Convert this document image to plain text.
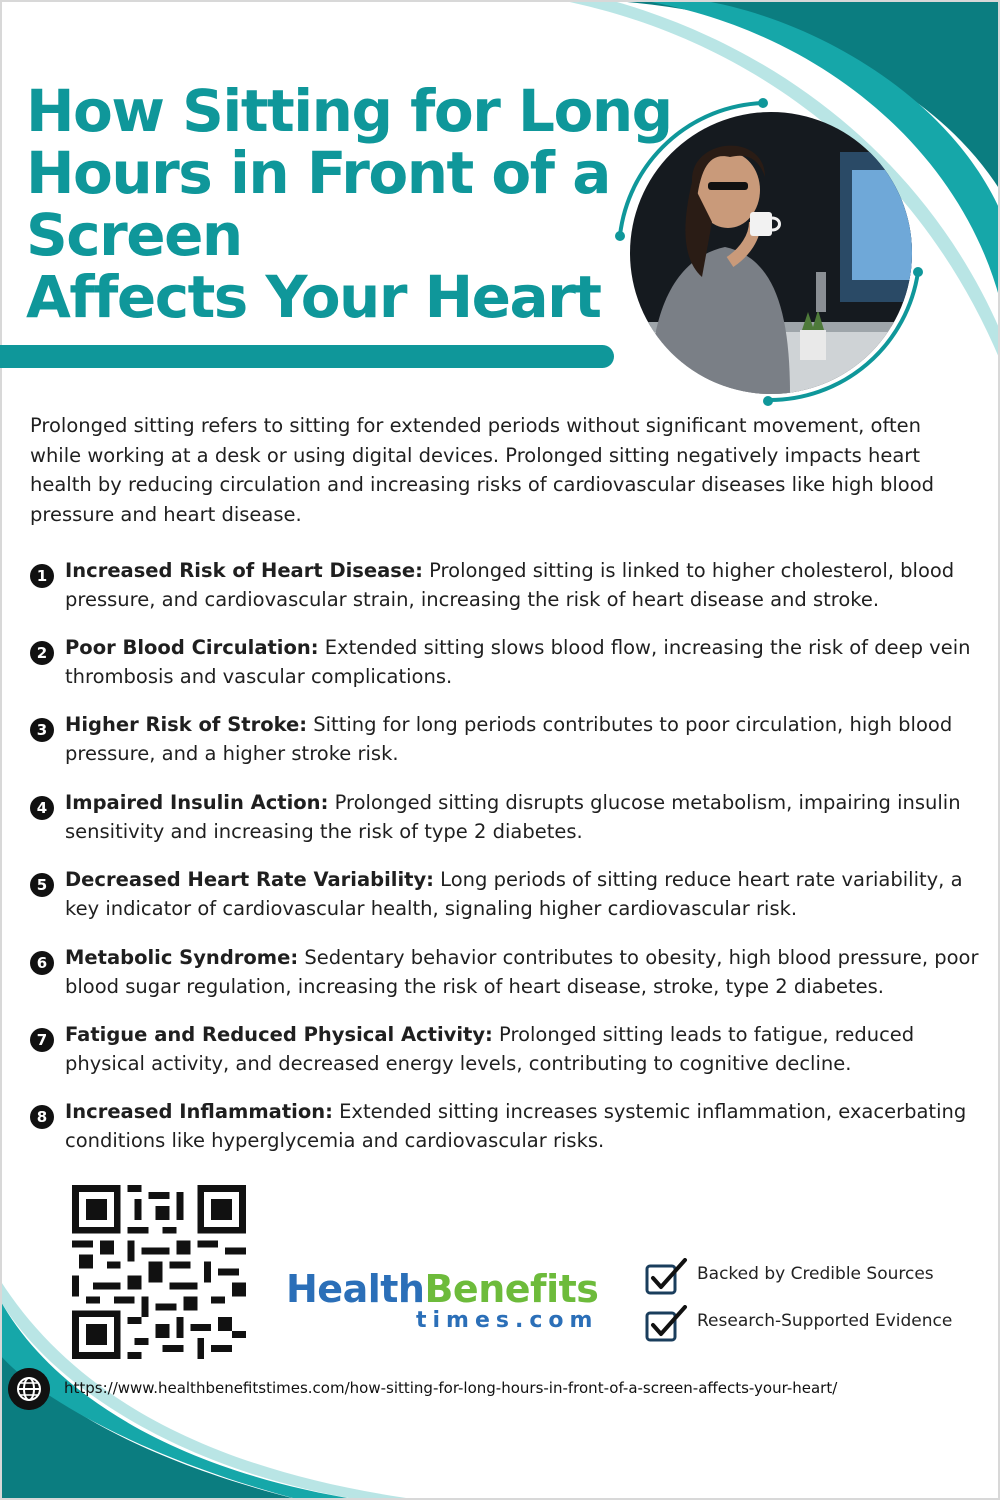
How Sitting for Long
Hours in Front of a
Screen
Affects Your Heart

Prolonged sitting refers to sitting for extended periods without significant movement, often while working at a desk or using digital devices. Prolonged sitting negatively impacts heart health by reducing circulation and increasing risks of cardiovascular diseases like high blood pressure and heart disease.

1 Increased Risk of Heart Disease: Prolonged sitting is linked to higher cholesterol, blood pressure, and cardiovascular strain, increasing the risk of heart disease and stroke.

2 Poor Blood Circulation: Extended sitting slows blood flow, increasing the risk of deep vein thrombosis and vascular complications.

3 Higher Risk of Stroke: Sitting for long periods contributes to poor circulation, high blood pressure, and a higher stroke risk.

4 Impaired Insulin Action: Prolonged sitting disrupts glucose metabolism, impairing insulin sensitivity and increasing the risk of type 2 diabetes.

5 Decreased Heart Rate Variability: Long periods of sitting reduce heart rate variability, a key indicator of cardiovascular health, signaling higher cardiovascular risk.

6 Metabolic Syndrome: Sedentary behavior contributes to obesity, high blood pressure, poor blood sugar regulation, increasing the risk of heart disease, stroke, type 2 diabetes.

7 Fatigue and Reduced Physical Activity: Prolonged sitting leads to fatigue, reduced physical activity, and decreased energy levels, contributing to cognitive decline.

8 Increased Inflammation: Extended sitting increases systemic inflammation, exacerbating conditions like hyperglycemia and cardiovascular risks.

HealthBenefits
times.com
Backed by Credible Sources
Research-Supported Evidence
https://www.healthbenefitstimes.com/how-sitting-for-long-hours-in-front-of-a-screen-affects-your-heart/
